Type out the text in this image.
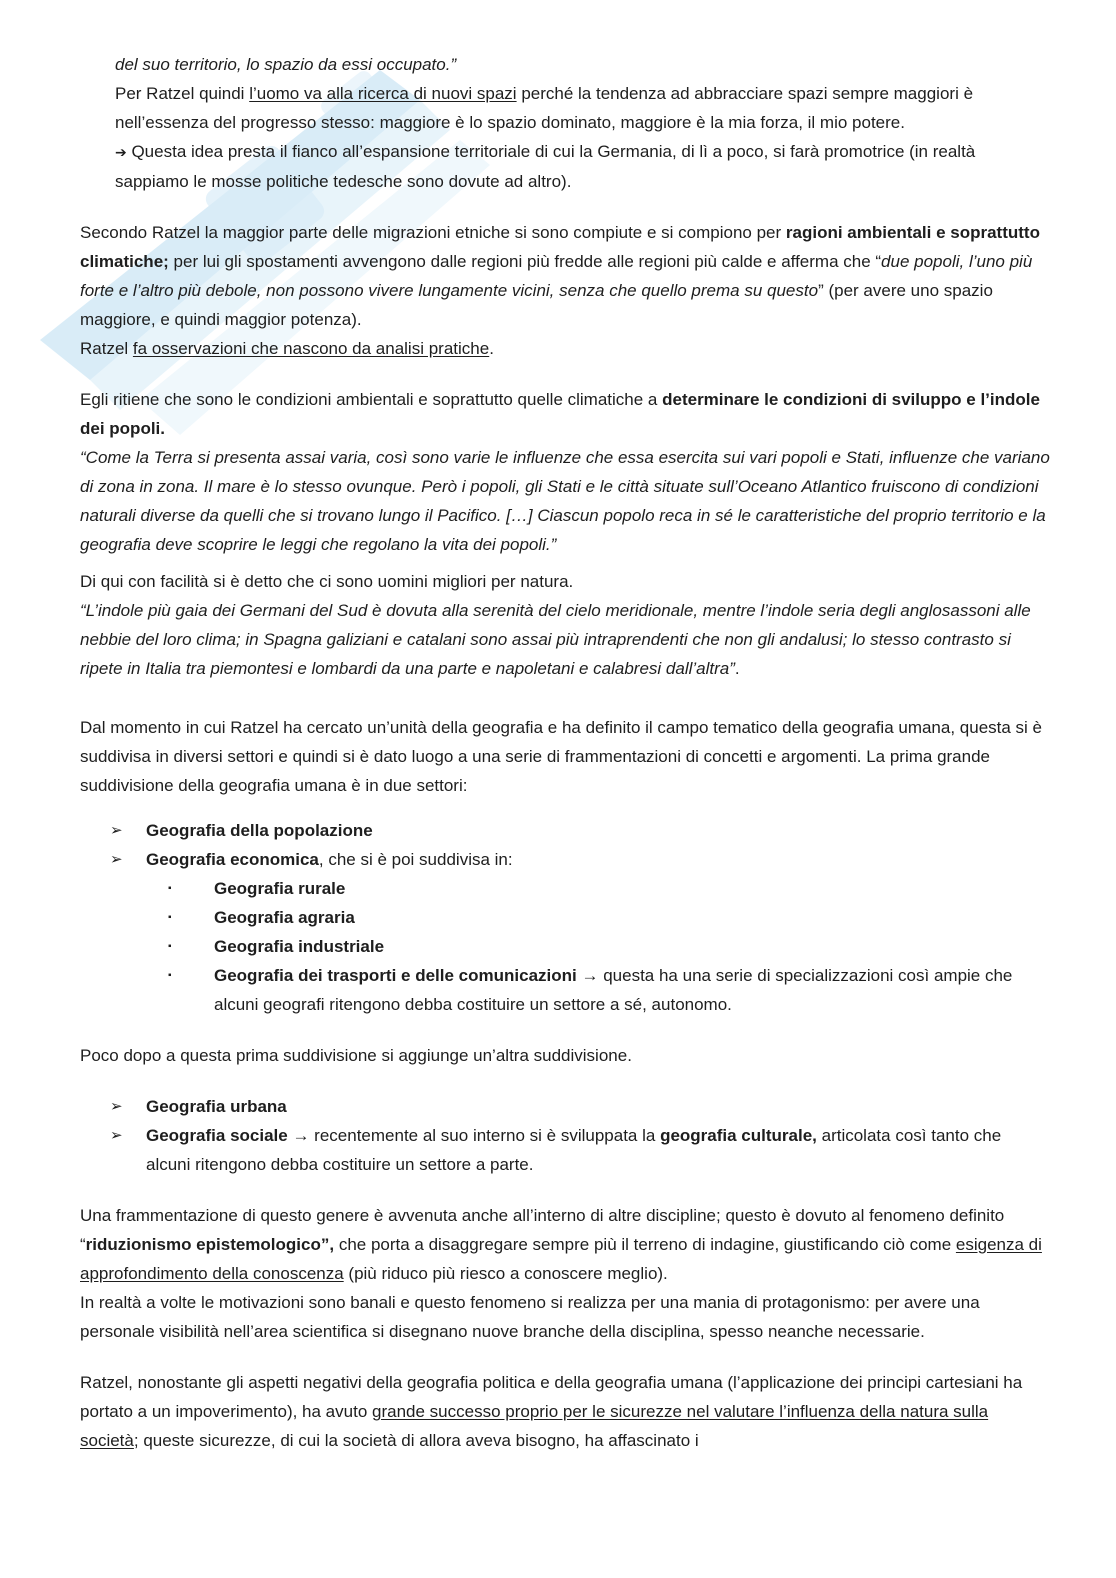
del suo territorio, lo spazio da essi occupato.”
Per Ratzel quindi l’uomo va alla ricerca di nuovi spazi perché la tendenza ad abbracciare spazi sempre maggiori è nell’essenza del progresso stesso: maggiore è lo spazio dominato, maggiore è la mia forza, il mio potere.
➔ Questa idea presta il fianco all’espansione territoriale di cui la Germania, di lì a poco, si farà promotrice (in realtà sappiamo le mosse politiche tedesche sono dovute ad altro).

Secondo Ratzel la maggior parte delle migrazioni etniche si sono compiute e si compiono per ragioni ambientali e soprattutto climatiche; per lui gli spostamenti avvengono dalle regioni più fredde alle regioni più calde e afferma che “due popoli, l’uno più forte e l’altro più debole, non possono vivere lungamente vicini, senza che quello prema su questo” (per avere uno spazio maggiore, e quindi maggior potenza).
Ratzel fa osservazioni che nascono da analisi pratiche.

Egli ritiene che sono le condizioni ambientali e soprattutto quelle climatiche a determinare le condizioni di sviluppo e l’indole dei popoli.
“Come la Terra si presenta assai varia, così sono varie le influenze che essa esercita sui vari popoli e Stati, influenze che variano di zona in zona. Il mare è lo stesso ovunque. Però i popoli, gli Stati e le città situate sull’Oceano Atlantico fruiscono di condizioni naturali diverse da quelli che si trovano lungo il Pacifico. […] Ciascun popolo reca in sé le caratteristiche del proprio territorio e la geografia deve scoprire le leggi che regolano la vita dei popoli.”

Di qui con facilità si è detto che ci sono uomini migliori per natura.
“L’indole più gaia dei Germani del Sud è dovuta alla serenità del cielo meridionale, mentre l’indole seria degli anglosassoni alle nebbie del loro clima; in Spagna galiziani e catalani sono assai più intraprendenti che non gli andalusi; lo stesso contrasto si ripete in Italia tra piemontesi e lombardi da una parte e napoletani e calabresi dall’altra”.

Dal momento in cui Ratzel ha cercato un’unità della geografia e ha definito il campo tematico della geografia umana, questa si è suddivisa in diversi settori e quindi si è dato luogo a una serie di frammentazioni di concetti e argomenti. La prima grande suddivisione della geografia umana è in due settori:

➢ Geografia della popolazione
➢ Geografia economica, che si è poi suddivisa in:
▪ Geografia rurale
▪ Geografia agraria
▪ Geografia industriale
▪ Geografia dei trasporti e delle comunicazioni → questa ha una serie di specializzazioni così ampie che alcuni geografi ritengono debba costituire un settore a sé, autonomo.

Poco dopo a questa prima suddivisione si aggiunge un’altra suddivisione.

➢ Geografia urbana
➢ Geografia sociale → recentemente al suo interno si è sviluppata la geografia culturale, articolata così tanto che alcuni ritengono debba costituire un settore a parte.

Una frammentazione di questo genere è avvenuta anche all’interno di altre discipline; questo è dovuto al fenomeno definito “riduzionismo epistemologico”, che porta a disaggregare sempre più il terreno di indagine, giustificando ciò come esigenza di approfondimento della conoscenza (più riduco più riesco a conoscere meglio).
In realtà a volte le motivazioni sono banali e questo fenomeno si realizza per una mania di protagonismo: per avere una personale visibilità nell’area scientifica si disegnano nuove branche della disciplina, spesso neanche necessarie.

Ratzel, nonostante gli aspetti negativi della geografia politica e della geografia umana (l’applicazione dei principi cartesiani ha portato a un impoverimento), ha avuto grande successo proprio per le sicurezze nel valutare l’influenza della natura sulla società; queste sicurezze, di cui la società di allora aveva bisogno, ha affascinato i
